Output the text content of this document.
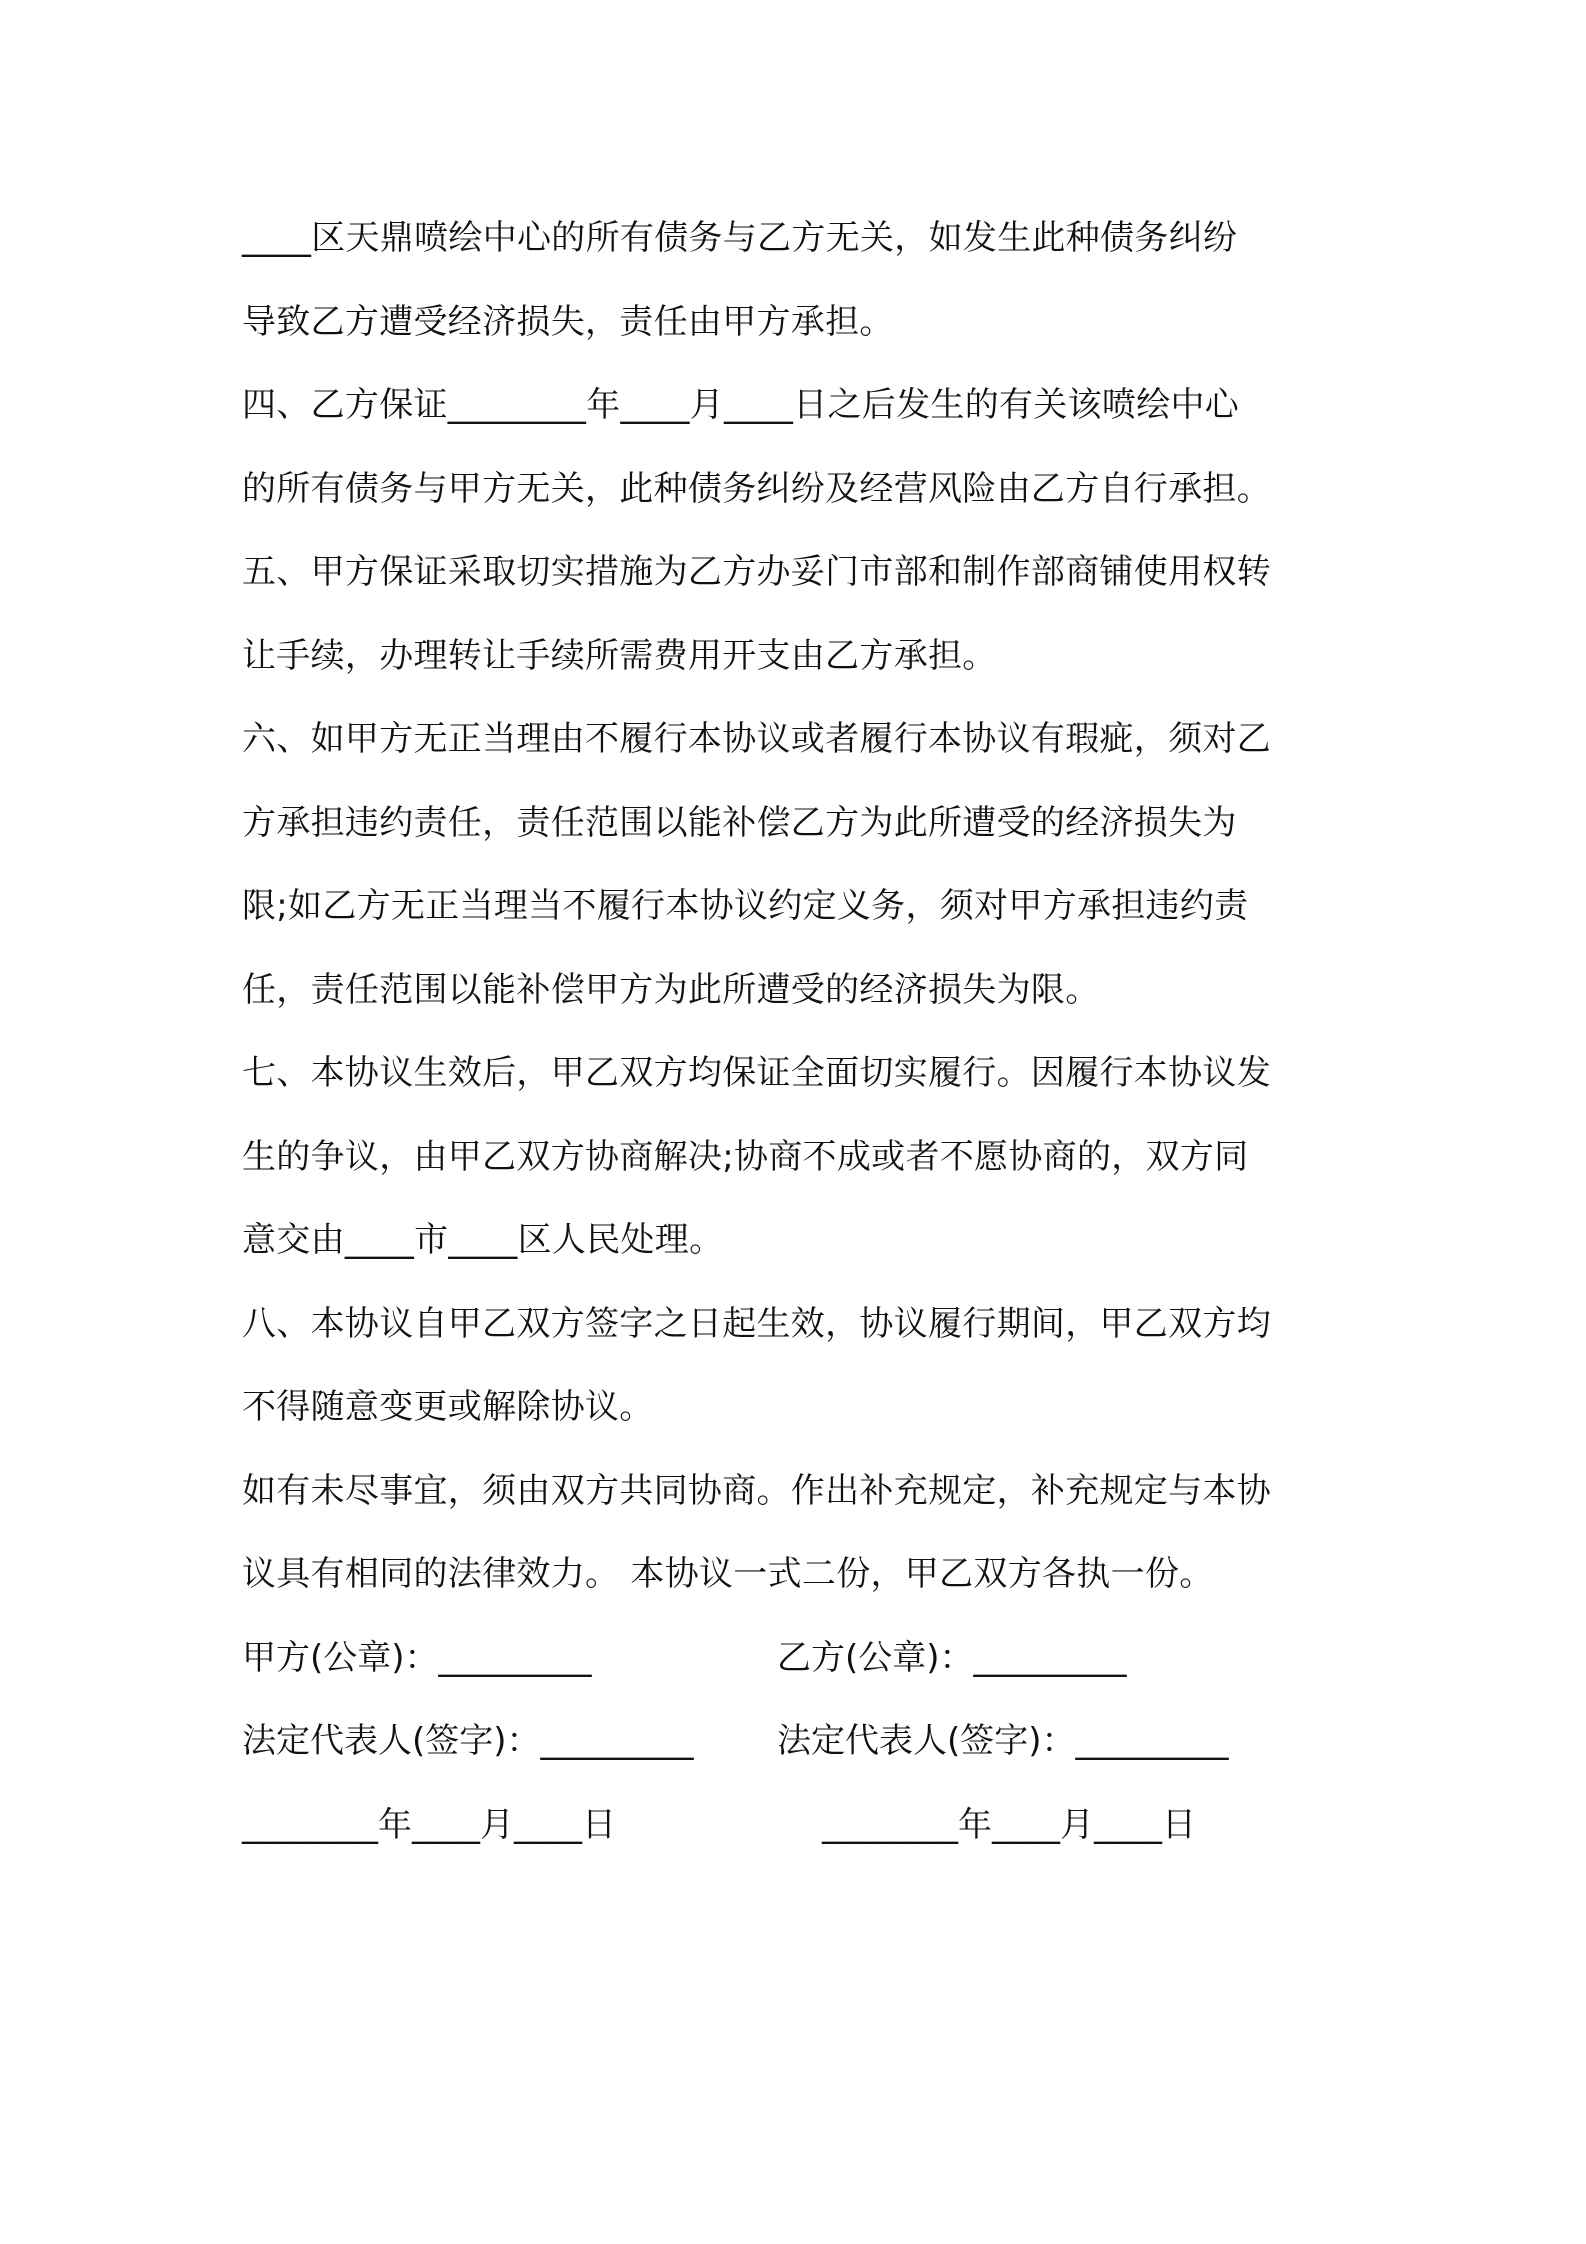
____区天鼎喷绘中心的所有债务与乙方无关，如发生此种债务纠纷
导致乙方遭受经济损失，责任由甲方承担。
四、乙方保证________年____月____日之后发生的有关该喷绘中心
的所有债务与甲方无关，此种债务纠纷及经营风险由乙方自行承担。
五、甲方保证采取切实措施为乙方办妥门市部和制作部商铺使用权转
让手续，办理转让手续所需费用开支由乙方承担。
六、如甲方无正当理由不履行本协议或者履行本协议有瑕疵，须对乙
方承担违约责任，责任范围以能补偿乙方为此所遭受的经济损失为
限;如乙方无正当理当不履行本协议约定义务，须对甲方承担违约责
任，责任范围以能补偿甲方为此所遭受的经济损失为限。
七、本协议生效后，甲乙双方均保证全面切实履行。因履行本协议发
生的争议，由甲乙双方协商解决;协商不成或者不愿协商的，双方同
意交由____市____区人民处理。
八、本协议自甲乙双方签字之日起生效，协议履行期间，甲乙双方均
不得随意变更或解除协议。
如有未尽事宜，须由双方共同协商。作出补充规定，补充规定与本协
议具有相同的法律效力。 本协议一式二份，甲乙双方各执一份。
甲方(公章)：_________	乙方(公章)：_________
法定代表人(签字)：_________ 法定代表人(签字)：_________
________年____月____日	________年____月____日
